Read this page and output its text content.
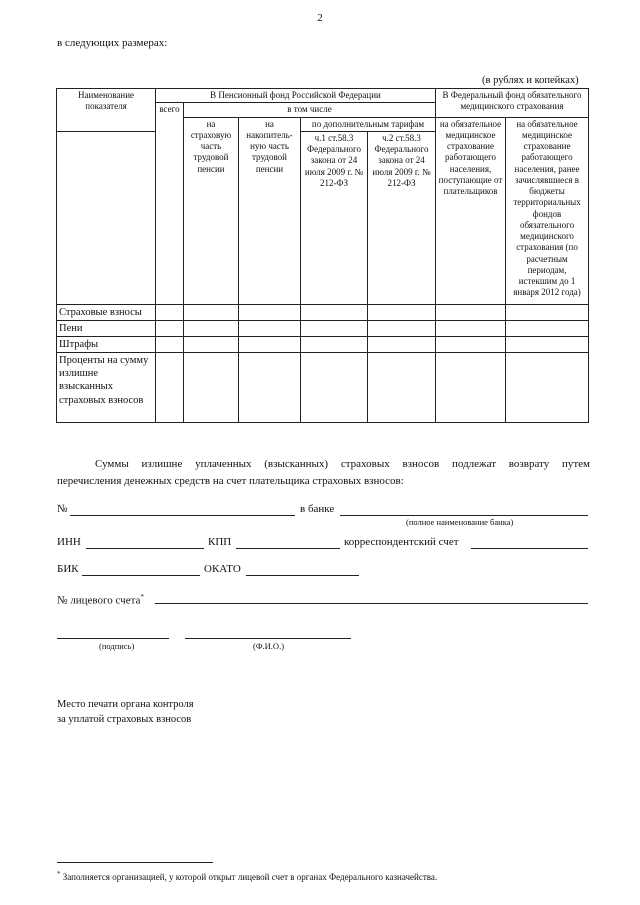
2
в следующих размерах:
(в рублях и копейках)
Наименование показателя	В Пенсионный фонд Российской Федерации					В Федеральный фонд обязательного медицинского страхования	
	всего	в том числе					
		на страховую часть трудовой пенсии	на накопитель-ную часть трудовой пенсии	по дополнительным тарифам		на обязательное медицинское страхование работающего населения, поступающие от плательщиков	на обязательное медицинское страхование работающего населения, ранее зачислявшиеся в бюджеты территориальных фондов обязательного медицинского страхования (по расчетным периодам, истекшим до 1 января 2012 года)
				ч.1 ст.58.3 Федерального закона от 24 июля 2009 г. № 212-ФЗ	ч.2 ст.58.3 Федерального закона от 24 июля 2009 г. № 212-ФЗ		
Страховые взносы							
Пени							
Штрафы							
Проценты на сумму излишне взысканных страховых взносов							
Суммы излишне уплаченных (взысканных) страховых взносов подлежат возврату путем
перечисления денежных средств на счет плательщика страховых взносов:
№	в банке
(полное наименование банка)
ИНН	КПП	корреспондентский счет
БИК	ОКАТО
№ лицевого счета*
(подпись)	(Ф.И.О.)
Место печати органа контроля
за уплатой страховых взносов
* Заполняется организацией, у которой открыт лицевой счет в органах Федерального казначейства.
